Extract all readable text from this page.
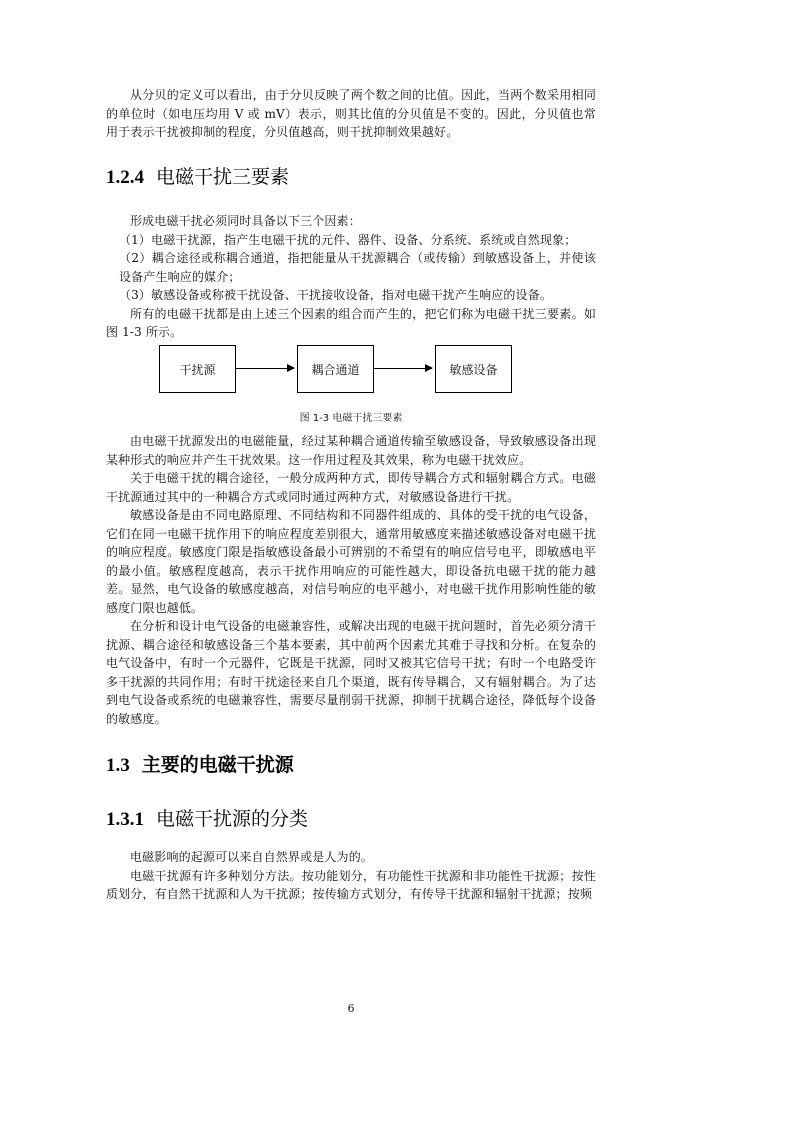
从分贝的定义可以看出，由于分贝反映了两个数之间的比值。因此，当两个数采用相同的单位时（如电压均用 V 或 mV）表示，则其比值的分贝值是不变的。因此，分贝值也常用于表示干扰被抑制的程度，分贝值越高，则干扰抑制效果越好。

1.2.4 电磁干扰三要素

形成电磁干扰必须同时具备以下三个因素：

（1）电磁干扰源，指产生电磁干扰的元件、器件、设备、分系统、系统或自然现象；

（2）耦合途径或称耦合通道，指把能量从干扰源耦合（或传输）到敏感设备上，并使该设备产生响应的媒介；

（3）敏感设备或称被干扰设备、干扰接收设备，指对电磁干扰产生响应的设备。

所有的电磁干扰都是由上述三个因素的组合而产生的，把它们称为电磁干扰三要素。如图 1-3 所示。

干扰源	耦合通道	敏感设备
图 1-3 电磁干扰三要素

由电磁干扰源发出的电磁能量，经过某种耦合通道传输至敏感设备，导致敏感设备出现某种形式的响应并产生干扰效果。这一作用过程及其效果，称为电磁干扰效应。

关于电磁干扰的耦合途径，一般分成两种方式，即传导耦合方式和辐射耦合方式。电磁干扰源通过其中的一种耦合方式或同时通过两种方式，对敏感设备进行干扰。

敏感设备是由不同电路原理、不同结构和不同器件组成的、具体的受干扰的电气设备，它们在同一电磁干扰作用下的响应程度差别很大，通常用敏感度来描述敏感设备对电磁干扰的响应程度。敏感度门限是指敏感设备最小可辨别的不希望有的响应信号电平，即敏感电平的最小值。敏感程度越高，表示干扰作用响应的可能性越大，即设备抗电磁干扰的能力越差。显然，电气设备的敏感度越高，对信号响应的电平越小，对电磁干扰作用影响性能的敏感度门限也越低。

在分析和设计电气设备的电磁兼容性，或解决出现的电磁干扰问题时，首先必须分清干扰源、耦合途径和敏感设备三个基本要素，其中前两个因素尤其难于寻找和分析。在复杂的电气设备中，有时一个元器件，它既是干扰源，同时又被其它信号干扰；有时一个电路受许多干扰源的共同作用；有时干扰途径来自几个渠道，既有传导耦合，又有辐射耦合。为了达到电气设备或系统的电磁兼容性，需要尽量削弱干扰源，抑制干扰耦合途径，降低每个设备的敏感度。

1.3 主要的电磁干扰源
1.3.1 电磁干扰源的分类

电磁影响的起源可以来自自然界或是人为的。

电磁干扰源有许多种划分方法。按功能划分，有功能性干扰源和非功能性干扰源；按性质划分，有自然干扰源和人为干扰源；按传输方式划分，有传导干扰源和辐射干扰源；按频

6
